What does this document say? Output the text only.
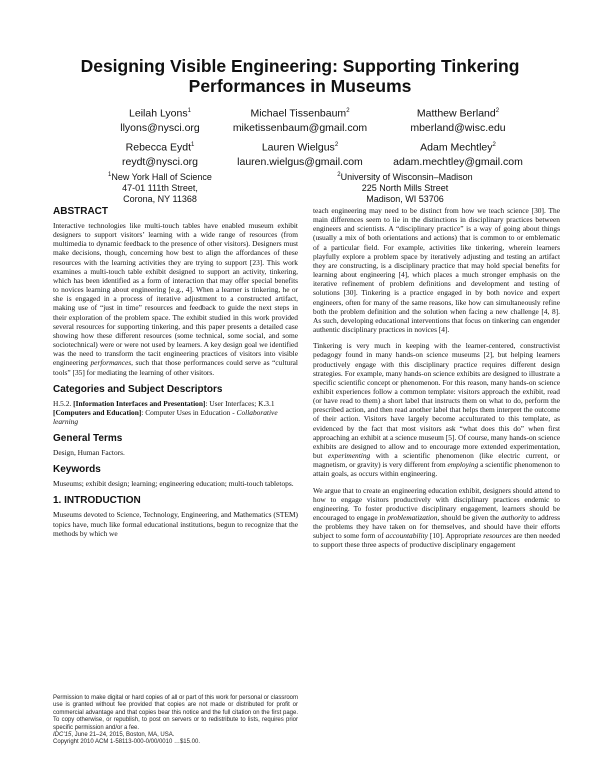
Designing Visible Engineering: Supporting Tinkering Performances in Museums
Leilah Lyons$^1$
llyons@nysci.org
Michael Tissenbaum$^2$
miketissenbaum@gmail.com
Matthew Berland$^2$
mberland@wisc.edu
Rebecca Eydt$^1$
reydt@nysci.org
Lauren Wielgus$^2$
lauren.wielgus@gmail.com
Adam Mechtley$^2$
adam.mechtley@gmail.com
$^1$New York Hall of Science
47-01 111th Street,
Corona, NY 11368
$^2$University of Wisconsin–Madison
225 North Mills Street
Madison, WI 53706
ABSTRACT

Interactive technologies like multi-touch tables have enabled museum exhibit designers to support visitors’ learning with a wide range of resources (from multimedia to dynamic feedback to the presence of other visitors). Designers must make decisions, though, concerning how best to align the affordances of these resources with the learning activities they are trying to support [23]. This work examines a multi-touch table exhibit designed to support an activity, tinkering, which has been identified as a form of interaction that may offer special benefits to novices learning about engineering [e.g., 4]. When a learner is tinkering, he or she is engaged in a process of iterative adjustment to a constructed artifact, making use of “just in time” resources and feedback to guide the next steps in their exploration of the problem space. The exhibit studied in this work provided several resources for supporting tinkering, and this paper presents a detailed case showing how these different resources (some technical, some social, and some sociotechnical) were or were not used by learners. A key design goal we identified was the need to transform the tacit engineering practices of visitors into visible engineering performances, such that those performances could serve as “cultural tools” [35] for mediating the learning of other visitors.

Categories and Subject Descriptors

H.5.2. [Information Interfaces and Presentation]: User Interfaces; K.3.1 [Computers and Education]: Computer Uses in Education - Collaborative learning

General Terms

Design, Human Factors.

Keywords

Museums; exhibit design; learning; engineering education; multi-touch tabletops.

1. INTRODUCTION

Museums devoted to Science, Technology, Engineering, and Mathematics (STEM) topics have, much like formal educational institutions, begun to recognize that the methods by which we

Permission to make digital or hard copies of all or part of this work for personal or classroom use is granted without fee provided that copies are not made or distributed for profit or commercial advantage and that copies bear this notice and the full citation on the first page. To copy otherwise, or republish, to post on servers or to redistribute to lists, requires prior specific permission and/or a fee.

IDC’15, June 21–24, 2015, Boston, MA, USA.

Copyright 2010 ACM 1-58113-000-0/00/0010 …$15.00.

teach engineering may need to be distinct from how we teach science [30]. The main differences seem to lie in the distinctions in disciplinary practices between engineers and scientists. A “disciplinary practice” is a way of going about things (usually a mix of both orientations and actions) that is common to or emblematic of a particular field. For example, activities like tinkering, wherein learners playfully explore a problem space by iteratively adjusting and testing an artifact they are constructing, is a disciplinary practice that may hold special benefits for learning about engineering [4], which places a much stronger emphasis on the iterative refinement of problem definitions and development and testing of solutions [30]. Tinkering is a practice engaged in by both novice and expert engineers, often for many of the same reasons, like how can simultaneously refine both the problem definition and the solution when facing a new challenge [4, 8]. As such, developing educational interventions that focus on tinkering can engender authentic disciplinary practices in novices [4].

Tinkering is very much in keeping with the learner-centered, constructivist pedagogy found in many hands-on science museums [2], but helping learners productively engage with this disciplinary practice requires different design strategies. For example, many hands-on science exhibits are designed to illustrate a specific scientific concept or phenomenon. For this reason, many hands-on science exhibit experiences follow a common template: visitors approach the exhibit, read (or have read to them) a short label that instructs them on what to do, perform the prescribed action, and then read another label that helps them interpret the outcome of their action. Visitors have largely become acculturated to this template, as evidenced by the fact that most visitors ask “what does this do” when first approaching an exhibit at a science museum [5]. Of course, many hands-on science exhibits are designed to allow and to encourage more extended experimentation, but experimenting with a scientific phenomenon (like electric current, or magnetism, or gravity) is very different from employing a scientific phenomenon to attain goals, as occurs within engineering.

We argue that to create an engineering education exhibit, designers should attend to how to engage visitors productively with disciplinary practices endemic to engineering. To foster productive disciplinary engagement, learners should be encouraged to engage in problematization, should be given the authority to address the problems they have taken on for themselves, and should have their efforts subject to some form of accountability [10]. Appropriate resources are then needed to support these three aspects of productive disciplinary engagement
